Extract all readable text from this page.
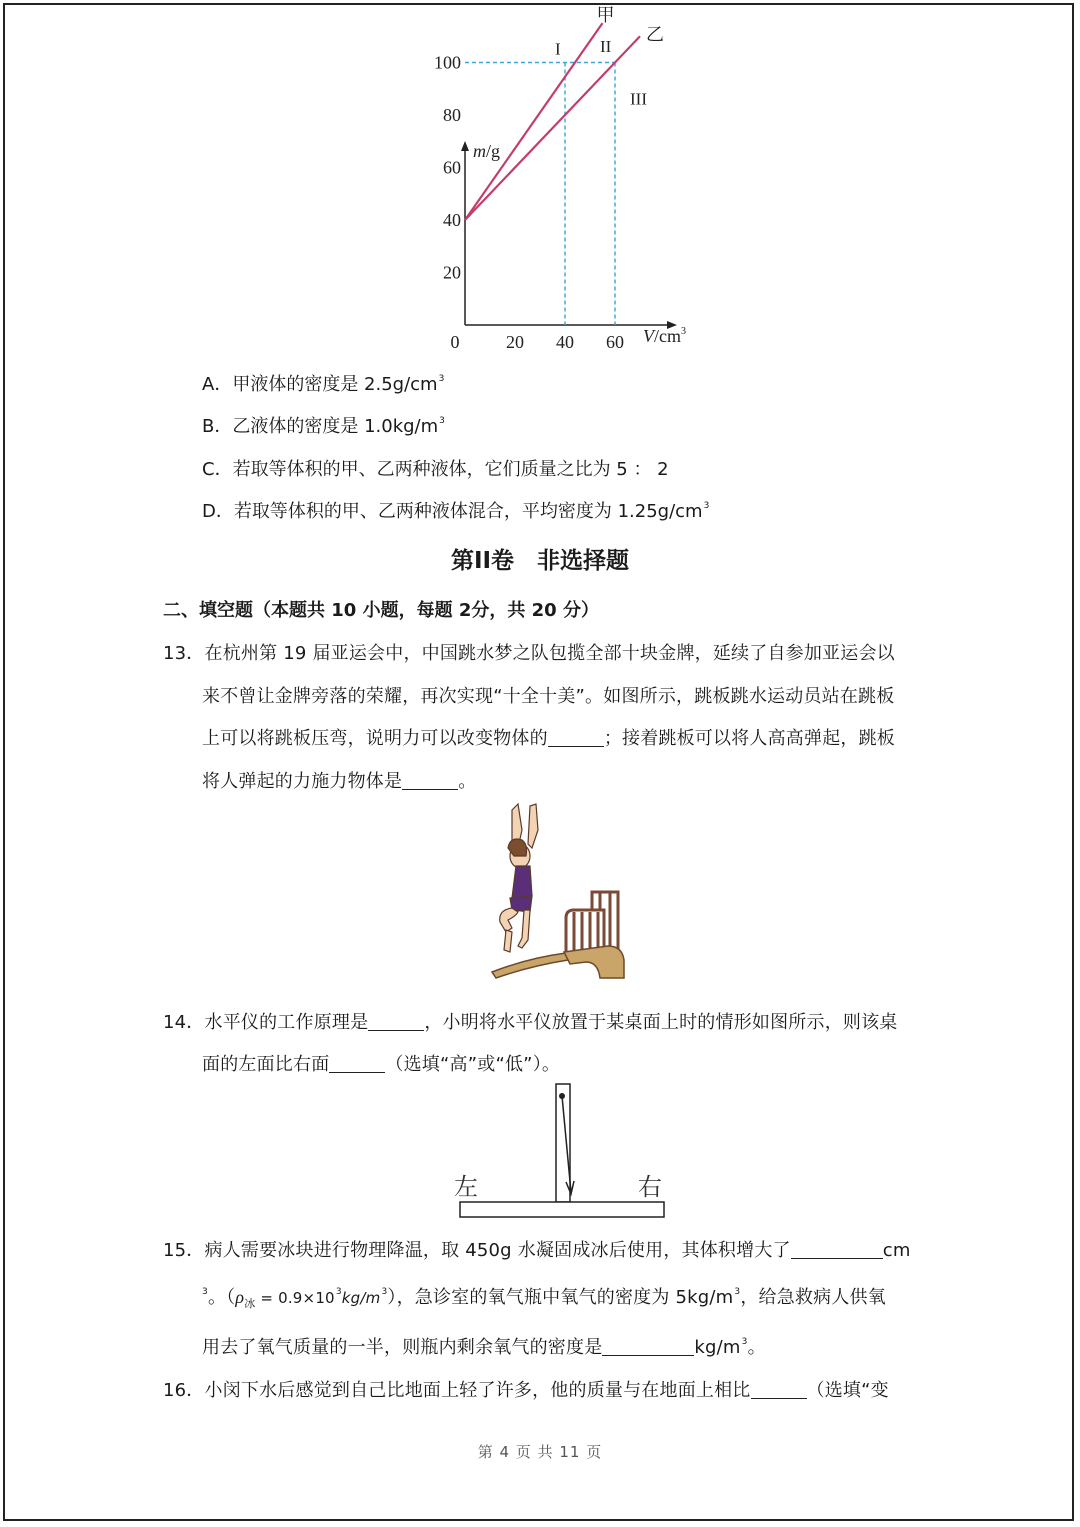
m/g
$V/cm^3$
0	20 40 60
20
40
60
80
100
甲
乙
I II
III
A．甲液体的密度是 $2.5g/cm^3$
B．乙液体的密度是 $1.0kg/m^3$
C．若取等体积的甲、乙两种液体，它们质量之比为 5 ： 2
D．若取等体积的甲、乙两种液体混合，平均密度为 $1.25g/cm^3$
第II卷　非选择题
二、填空题（本题共 10 小题，每题 2分，共 20 分）
13．在杭州第 19 届亚运会中，中国跳水梦之队包揽全部十块金牌，延续了自参加亚运会以
来不曾让金牌旁落的荣耀，再次实现“十全十美”。如图所示，跳板跳水运动员站在跳板
上可以将跳板压弯，说明力可以改变物体的	；接着跳板可以将人高高弹起，跳板
将人弹起的力施力物体是	。
14．水平仪的工作原理是	，小明将水平仪放置于某桌面上时的情形如图所示，则该桌
面的左面比右面	（选填“高”或“低”）。
左	右
15．病人需要冰块进行物理降温，取 450g 水凝固成冰后使用，其体积增大了	cm
$^3$。$(\rho_冰 = 0.9\times 10^3kg/m^3)$，急诊室的氧气瓶中氧气的密度为 $5kg/m^3$，给急救病人供氧
用去了氧气质量的一半，则瓶内剩余氧气的密度是	$kg/m^3$。
16．小闵下水后感觉到自己比地面上轻了许多，他的质量与在地面上相比	（选填“变
第 4 页 共 11 页
